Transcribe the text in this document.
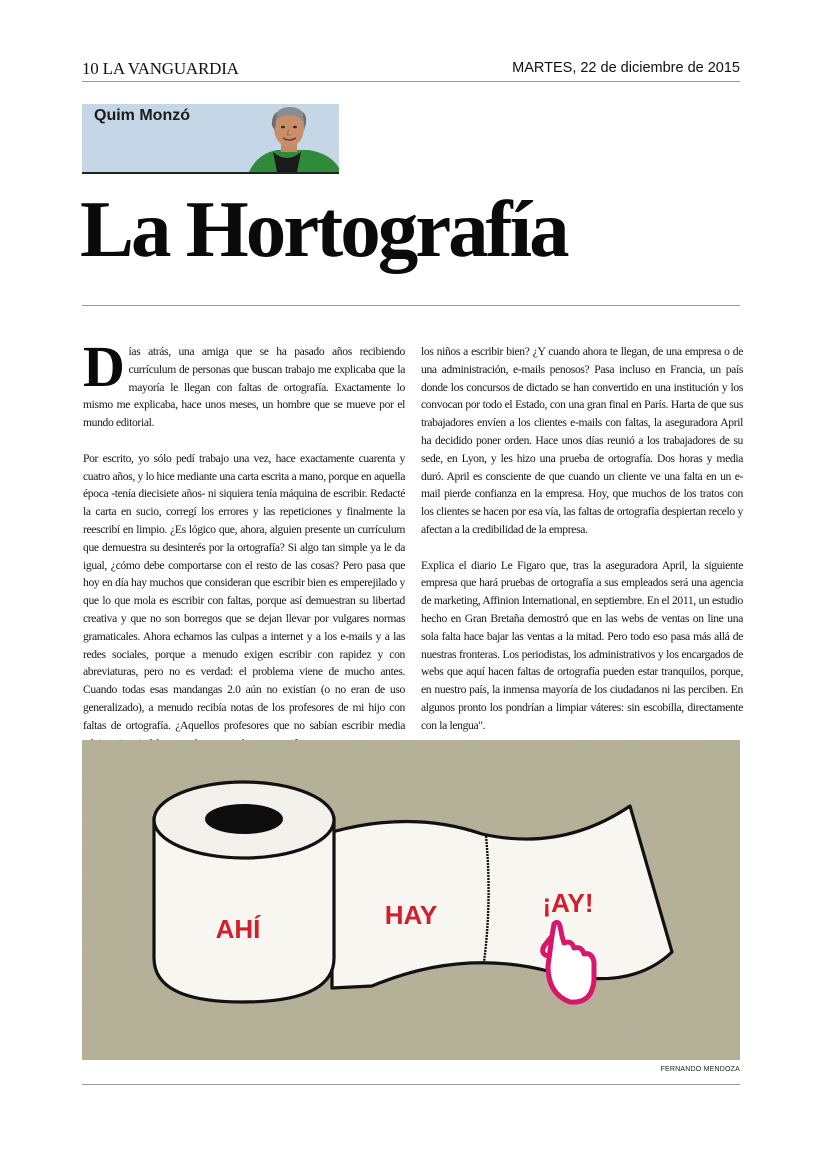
10 LA VANGUARDIA	MARTES, 22 de diciembre de 2015
Quim Monzó
La Hortografía

Días atrás, una amiga que se ha pasado años recibiendo currículum de personas que buscan trabajo me explicaba que la mayoría le llegan con faltas de ortografía. Exactamente lo mismo me explicaba, hace unos meses, un hombre que se mueve por el mundo editorial.

Por escrito, yo sólo pedí trabajo una vez, hace exactamente cuarenta y cuatro años, y lo hice mediante una carta escrita a mano, porque en aquella época -tenía diecisiete años- ni siquiera tenía máquina de escribir. Redacté la carta en sucio, corregí los errores y las repeticiones y finalmente la reescribí en limpio. ¿Es lógico que, ahora, alguien presente un currículum que demuestra su desinterés por la ortografía? Si algo tan simple ya le da igual, ¿cómo debe comportarse con el resto de las cosas? Pero pasa que hoy en día hay muchos que consideran que escribir bien es emperejilado y que lo que mola es escribir con faltas, porque así demuestran su libertad creativa y que no son borregos que se dejan llevar por vulgares normas gramaticales. Ahora echamos las culpas a internet y a los e-mails y a las redes sociales, porque a menudo exigen escribir con rapidez y con abreviaturas, pero no es verdad: el problema viene de mucho antes. Cuando todas esas mandangas 2.0 aún no existían (o no eran de uso generalizado), a menudo recibía notas de los profesores de mi hijo con faltas de ortografía. ¿Aquellos profesores que no sabían escribir media

los niños a escribir bien? ¿Y cuando ahora te llegan, de una empresa o de una administración, e-mails penosos? Pasa incluso en Francia, un país donde los concursos de dictado se han convertido en una institución y los convocan por todo el Estado, con una gran final en París. Harta de que sus trabajadores envíen a los clientes e-mails con faltas, la aseguradora April ha decidido poner orden. Hace unos días reunió a los trabajadores de su sede, en Lyon, y les hizo una prueba de ortografía. Dos horas y media duró. April es consciente de que cuando un cliente ve una falta en un e-mail pierde confianza en la empresa. Hoy, que muchos de los tratos con los clientes se hacen por esa vía, las faltas de ortografía despiertan recelo y afectan a la credibilidad de la empresa.

Explica el diario Le Figaro que, tras la aseguradora April, la siguiente empresa que hará pruebas de ortografía a sus empleados será una agencia de marketing, Affinion International, en septiembre. En el 2011, un estudio hecho en Gran Bretaña demostró que en las webs de ventas on line una sola falta hace bajar las ventas a la mitad. Pero todo eso pasa más allá de nuestras fronteras. Los periodistas, los administrativos y los encargados de webs que aquí hacen faltas de ortografía pueden estar tranquilos, porque, en nuestro país, la inmensa mayoría de los ciudadanos ni las perciben. En algunos pronto los pondrían a limpiar váteres: sin escobilla, directamente con la lengua".

AHÍ	HAY	¡AY!
FERNANDO MENDOZA
